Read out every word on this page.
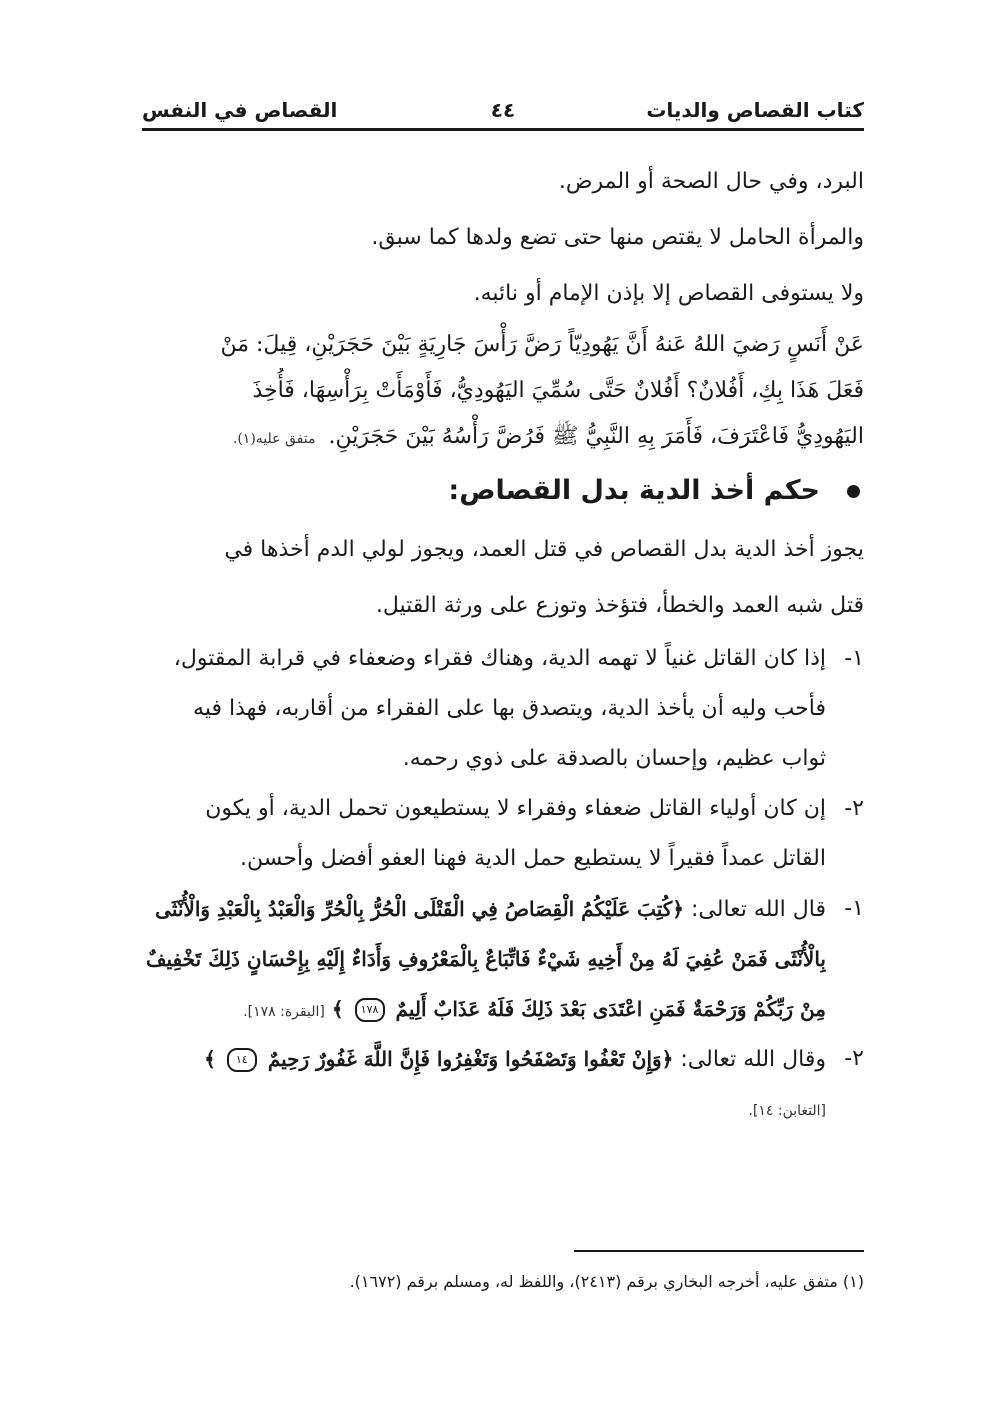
كتاب القصاص والديات
٤٤
القصاص في النفس
البرد، وفي حال الصحة أو المرض.
والمرأة الحامل لا يقتص منها حتى تضع ولدها كما سبق.
ولا يستوفى القصاص إلا بإذن الإمام أو نائبه.
عَنْ أَنَسٍ رَضيَ اللهُ عَنهُ أَنَّ يَهُودِيّاً رَضَّ رَأْسَ جَارِيَةٍ بَيْنَ حَجَرَيْنِ، قِيلَ: مَنْ
فَعَلَ هَذَا بِكِ، أَفُلانٌ؟ أَفُلانٌ حَتَّى سُمِّيَ اليَهُودِيُّ، فَأَوْمَأَتْ بِرَأْسِهَا، فَأُخِذَ
اليَهُودِيُّ فَاعْتَرَفَ، فَأَمَرَ بِهِ النَّبِيُّ ﷺ فَرُضَّ رَأْسُهُ بَيْنَ حَجَرَيْنِ. متفق عليه(١).
حكم أخذ الدية بدل القصاص:
يجوز أخذ الدية بدل القصاص في قتل العمد، ويجوز لولي الدم أخذها في
قتل شبه العمد والخطأ، فتؤخذ وتوزع على ورثة القتيل.
١-
إذا كان القاتل غنياً لا تهمه الدية، وهناك فقراء وضعفاء في قرابة المقتول،
فأحب وليه أن يأخذ الدية، ويتصدق بها على الفقراء من أقاربه، فهذا فيه
ثواب عظيم، وإحسان بالصدقة على ذوي رحمه.
٢-
إن كان أولياء القاتل ضعفاء وفقراء لا يستطيعون تحمل الدية، أو يكون
القاتل عمداً فقيراً لا يستطيع حمل الدية فهنا العفو أفضل وأحسن.
١-
قال الله تعالى: ﴿كُتِبَ عَلَيْكُمُ الْقِصَاصُ فِي الْقَتْلَى الْحُرُّ بِالْحُرِّ وَالْعَبْدُ بِالْعَبْدِ وَالْأُنْثَى
بِالْأُنْثَى فَمَنْ عُفِيَ لَهُ مِنْ أَخِيهِ شَيْءٌ فَاتِّبَاعٌ بِالْمَعْرُوفِ وَأَدَاءٌ إِلَيْهِ بِإِحْسَانٍ ذَلِكَ تَخْفِيفٌ
مِنْ رَبِّكُمْ وَرَحْمَةٌ فَمَنِ اعْتَدَى بَعْدَ ذَلِكَ فَلَهُ عَذَابٌ أَلِيمٌ ١٧٨ ﴾ [البقرة: ١٧٨].
٢-
وقال الله تعالى: ﴿وَإِنْ تَعْفُوا وَتَصْفَحُوا وَتَغْفِرُوا فَإِنَّ اللَّهَ غَفُورٌ رَحِيمٌ ١٤ ﴾
[التغابن: ١٤].
(١) متفق عليه، أخرجه البخاري برقم (٢٤١٣)، واللفظ له، ومسلم برقم (١٦٧٢).
